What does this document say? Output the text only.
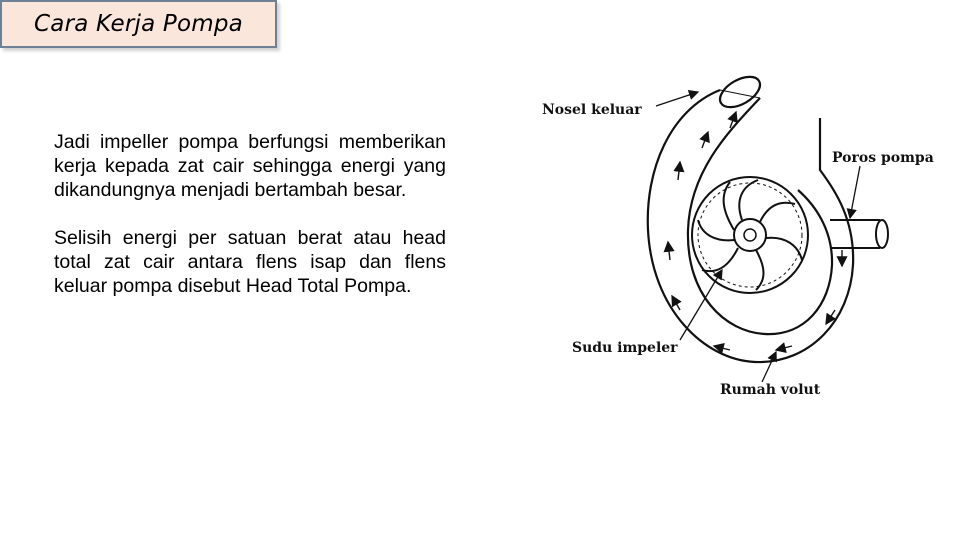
Cara Kerja Pompa

Jadi impeller pompa berfungsi memberikan kerja kepada zat cair sehingga energi yang dikandungnya menjadi bertambah besar.

Selisih energi per satuan berat atau head total zat cair antara flens isap dan flens keluar pompa disebut Head Total Pompa.

Nosel keluar
Poros pompa
Sudu impeler
Rumah volut
